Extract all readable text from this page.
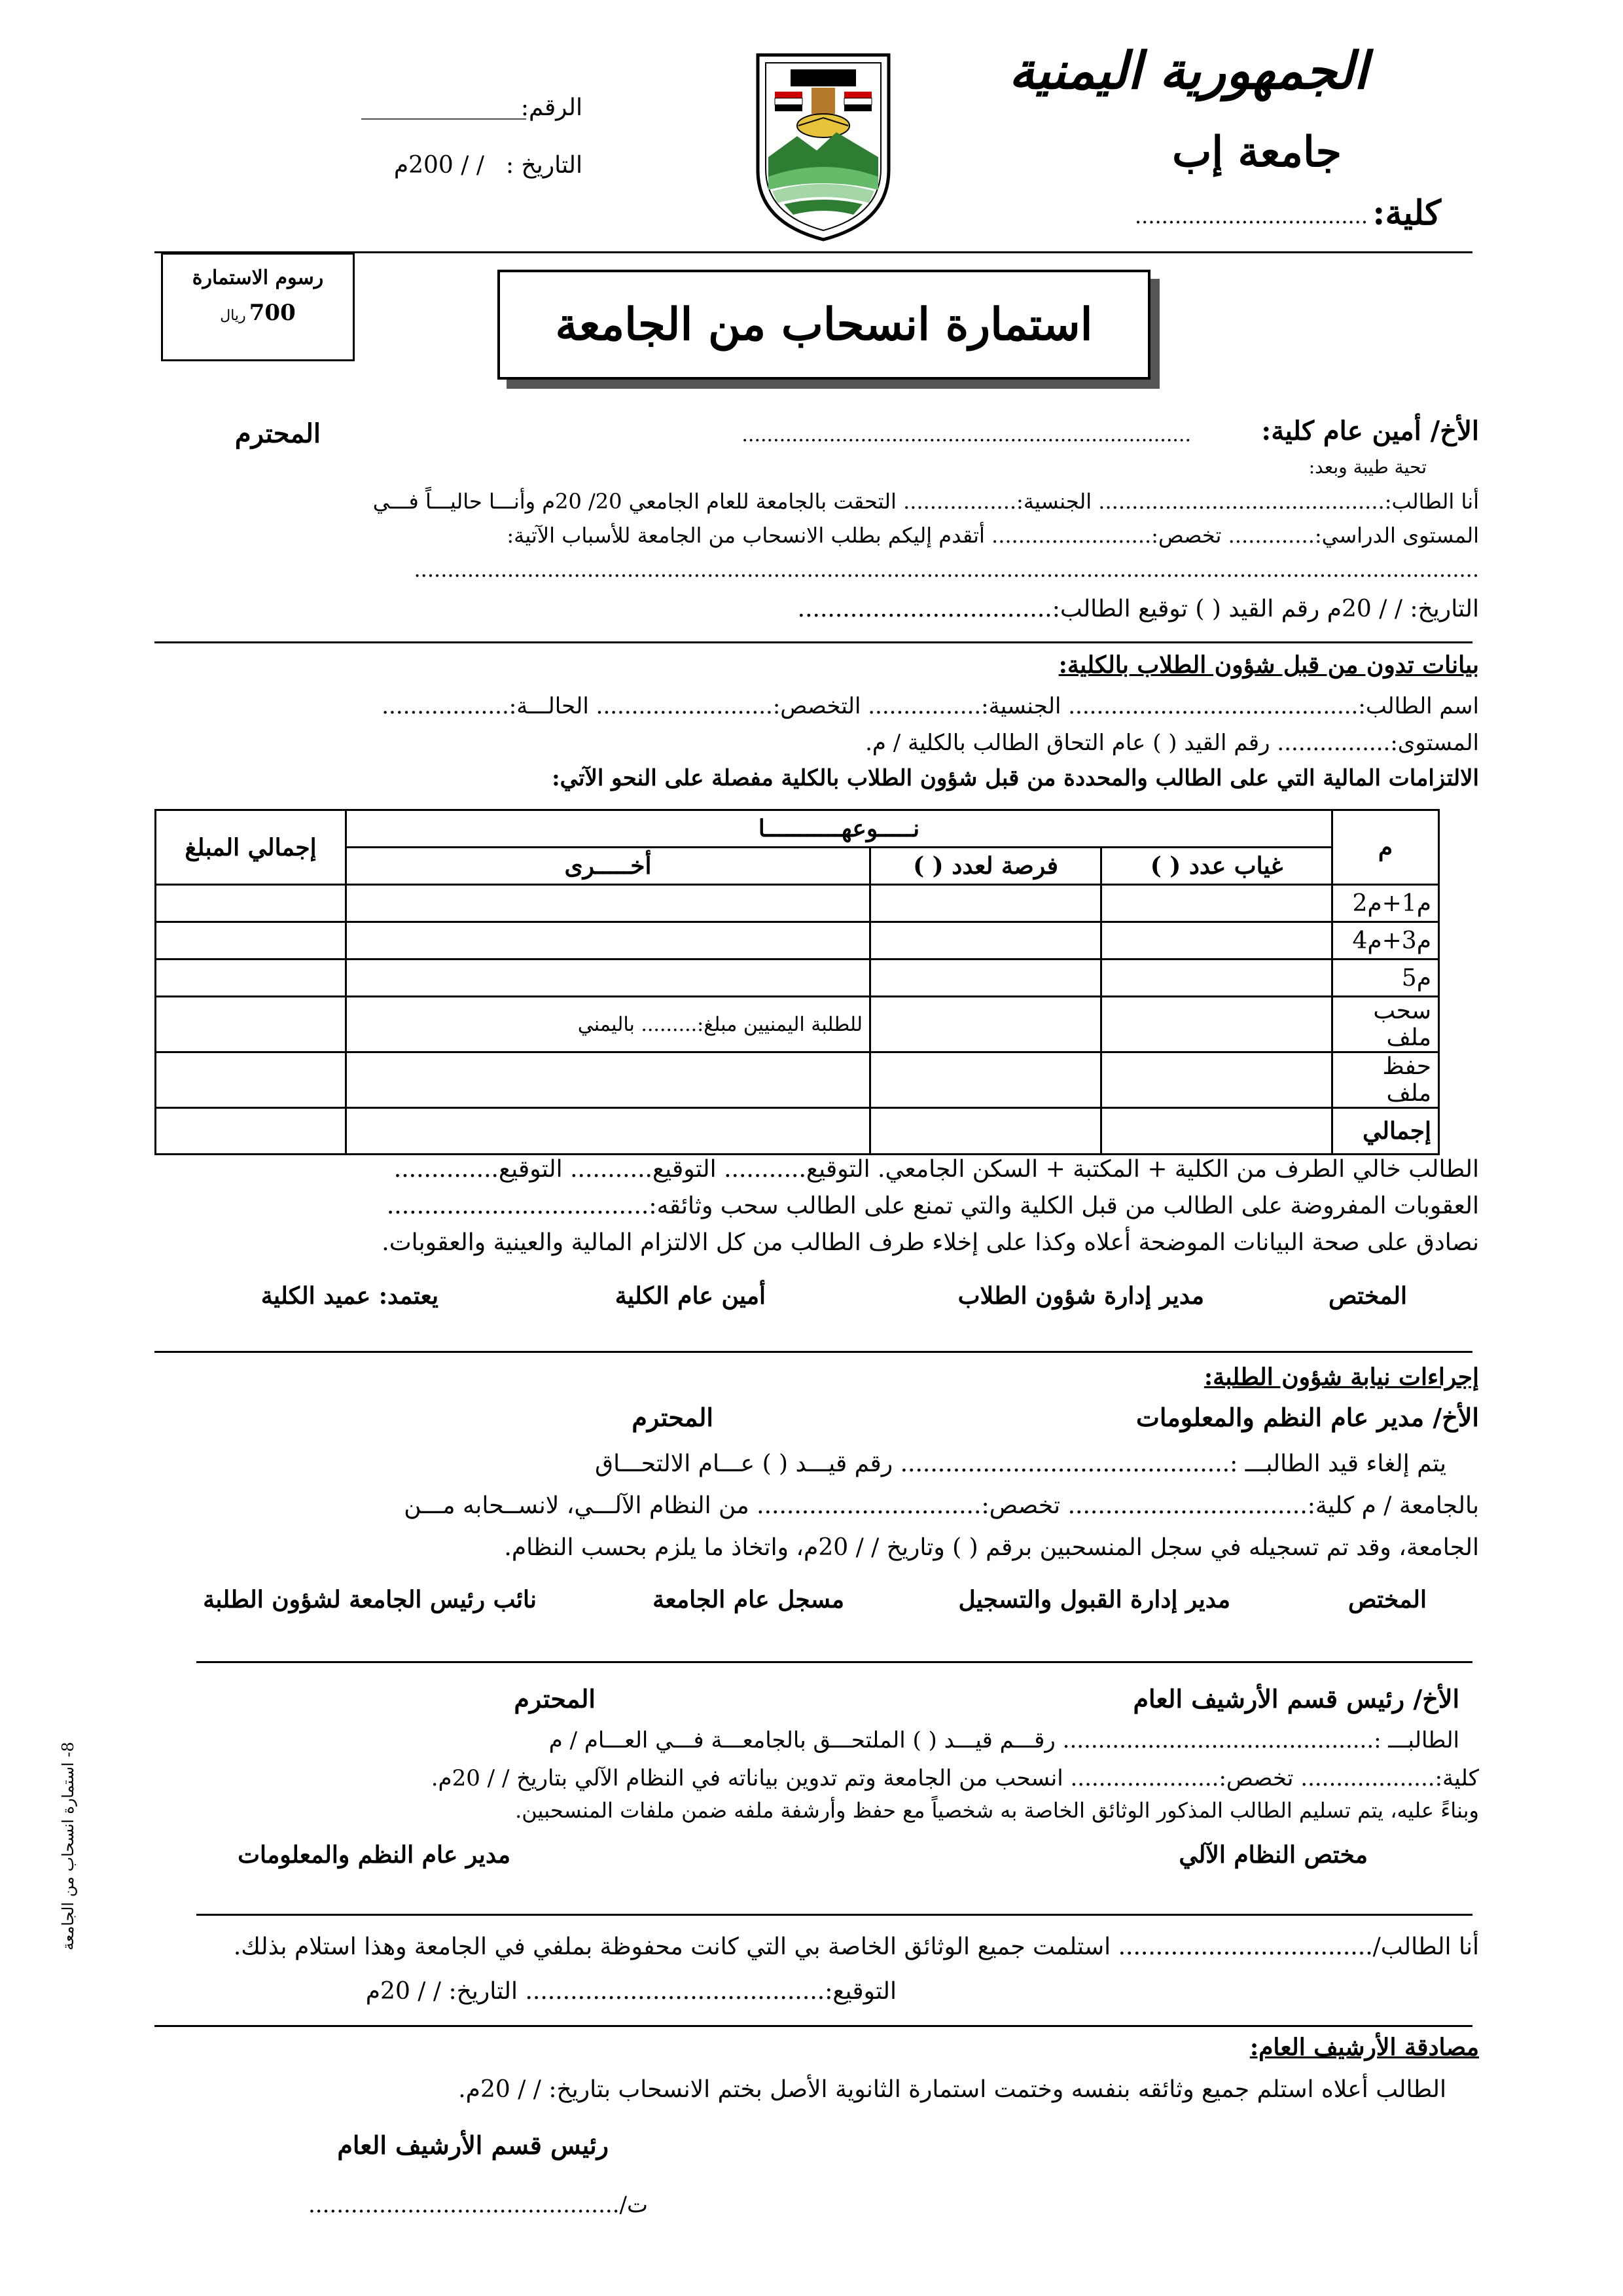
الجمهورية اليمنية
جامعة إب
كلية:
...................................
الرقم:
______________
التاريخ :
/ / 200م
رسوم الاستمارة
700 ريال	استمارة انسحاب من الجامعة
الأخ/ أمين عام كلية:
........................................................................
المحترم
تحية طيبة وبعد:
أنا الطالب:........................................... الجنسية:................. التحقت بالجامعة للعام الجامعي 20/ 20م وأنـــا حاليـــاً فـــي
المستوى الدراسي:............. تخصص:........................ أتقدم إليكم بطلب الانسحاب من الجامعة للأسباب الآتية:
................................................................................................................................................................
التاريخ: / / 20م رقم القيد ( ) توقيع الطالب:..................................
بيانات تدون من قبل شؤون الطلاب بالكلية:
اسم الطالب:......................................... الجنسية:................ التخصص:......................... الحالـــة:..................
المستوى:................ رقم القيد ( ) عام التحاق الطالب بالكلية / م.
الالتزامات المالية التي على الطالب والمحددة من قبل شؤون الطلاب بالكلية مفصلة على النحو الآتي:
م	نـــــوعهـــــــــــا			إجمالي المبلغ
	غياب عدد ( )	فرصة لعدد ( )	أخـــــرى	
م1+م2				
م3+م4				
م5				
سحب ملف			للطلبة اليمنيين مبلغ:......... باليمني	
حفظ ملف				
إجمالي				
الطالب خالي الطرف من الكلية + المكتبة + السكن الجامعي. التوقيع........... التوقيع........... التوقيع..............
العقوبات المفروضة على الطالب من قبل الكلية والتي تمنع على الطالب سحب وثائقه:...................................
نصادق على صحة البيانات الموضحة أعلاه وكذا على إخلاء طرف الطالب من كل الالتزام المالية والعينية والعقوبات.
المختص
مدير إدارة شؤون الطلاب
أمين عام الكلية
يعتمد: عميد الكلية
إجراءات نيابة شؤون الطلبة:
الأخ/ مدير عام النظم والمعلومات
المحترم
يتم إلغاء قيد الطالبـــ :............................................ رقم قيـــد ( ) عـــام الالتحـــاق
بالجامعة / م كلية:................................ تخصص:.............................. من النظام الآلـــي، لانســحابه مـــن
الجامعة، وقد تم تسجيله في سجل المنسحبين برقم ( ) وتاريخ / / 20م، واتخاذ ما يلزم بحسب النظام.
المختص
مدير إدارة القبول والتسجيل
مسجل عام الجامعة
نائب رئيس الجامعة لشؤون الطلبة
الأخ/ رئيس قسم الأرشيف العام
المحترم
الطالبـــ :............................................ رقـــم قيـــد ( ) الملتحـــق بالجامعـــة فـــي العـــام / م
كلية:................... تخصص:..................... انسحب من الجامعة وتم تدوين بياناته في النظام الآلي بتاريخ / / 20م.
وبناءً عليه، يتم تسليم الطالب المذكور الوثائق الخاصة به شخصياً مع حفظ وأرشفة ملفه ضمن ملفات المنسحبين.
مختص النظام الآلي
مدير عام النظم والمعلومات
أنا الطالب/.................................. استلمت جميع الوثائق الخاصة بي التي كانت محفوظة بملفي في الجامعة وهذا استلام بذلك.
التوقيع:........................................ التاريخ: / / 20م
مصادقة الأرشيف العام:
الطالب أعلاه استلم جميع وثائقه بنفسه وختمت استمارة الثانوية الأصل بختم الانسحاب بتاريخ: / / 20م.
رئيس قسم الأرشيف العام
ت/............................................
8- استمارة انسحاب من الجامعة
